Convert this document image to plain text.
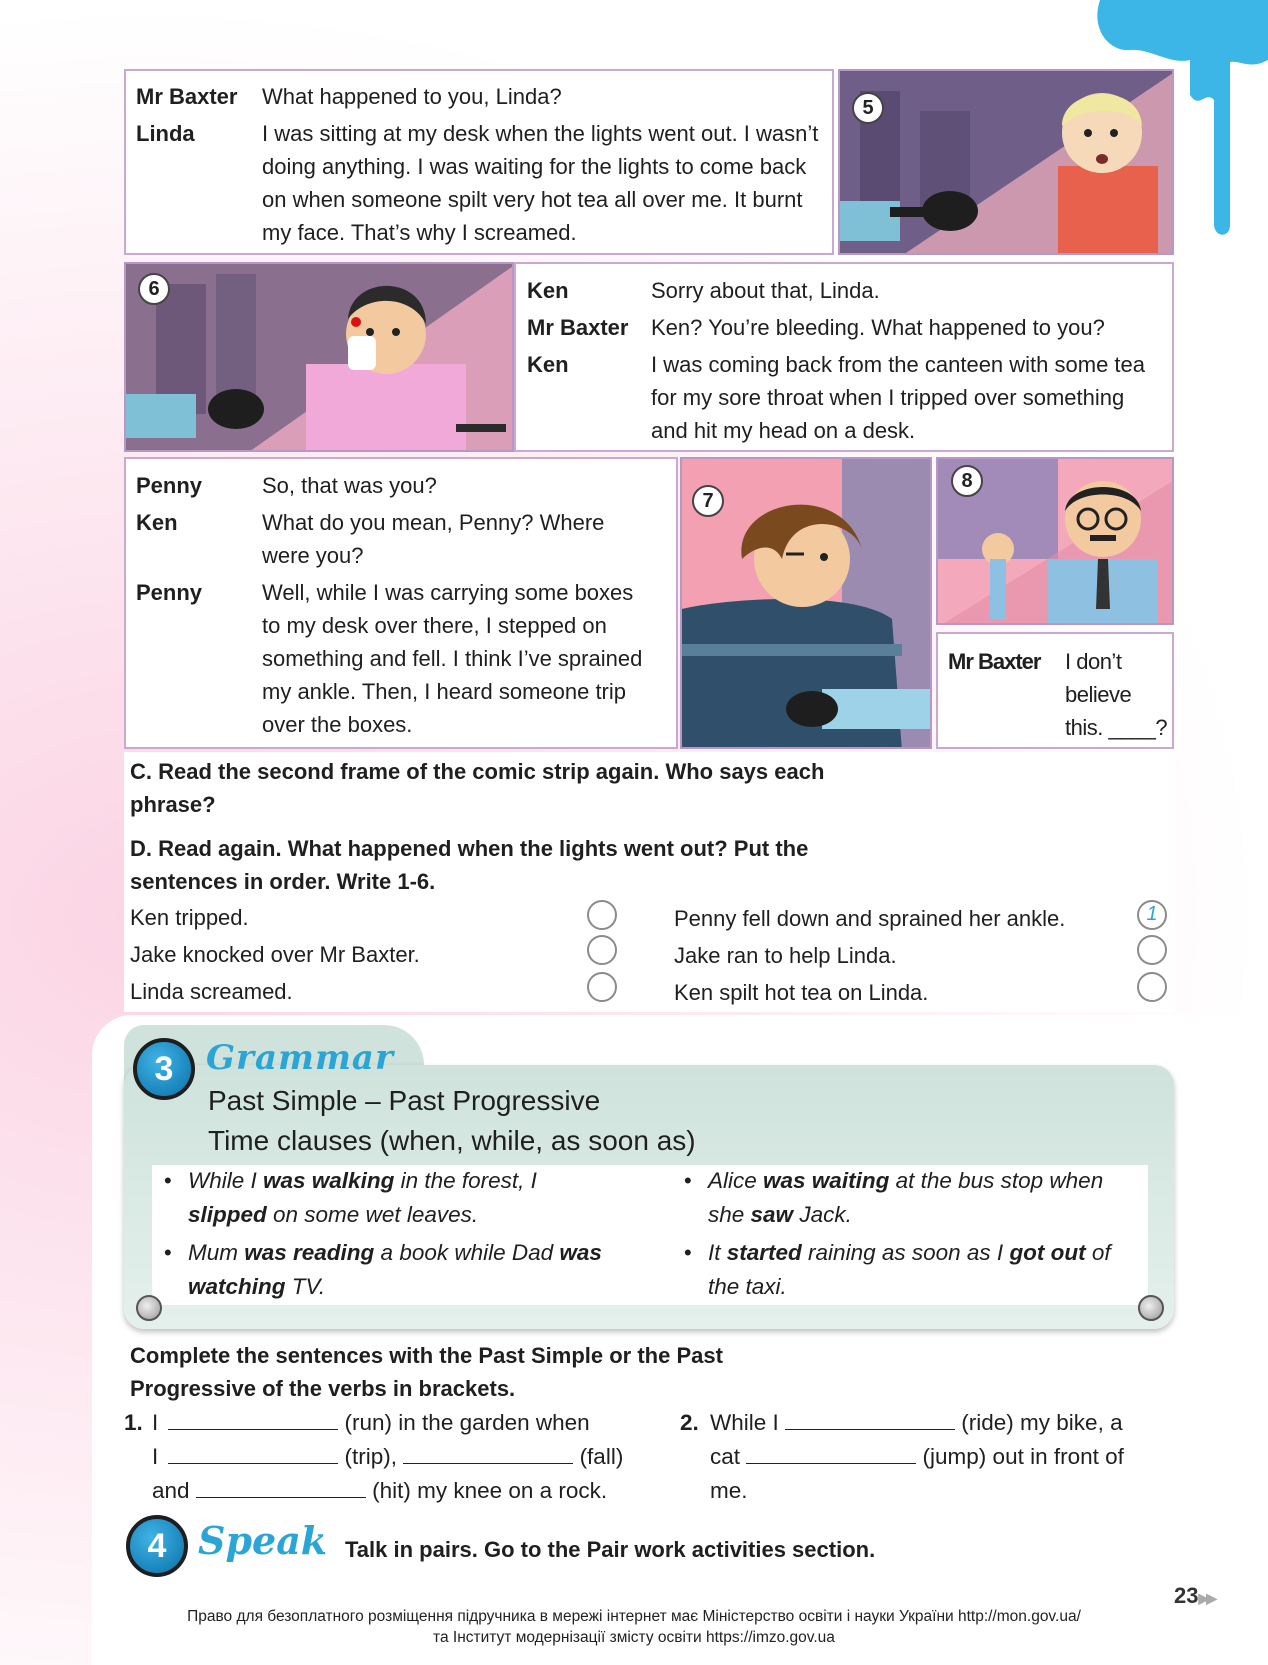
Mr Baxter	What happened to you, Linda?
Linda	I was sitting at my desk when the lights went out. I wasn’t doing anything. I was waiting for the lights to come back on when someone spilt very hot tea all over me. It burnt my face. That’s why I screamed.
5
6	Ken	Sorry about that, Linda.
Mr Baxter	Ken? You’re bleeding. What happened to you?
Ken	I was coming back from the canteen with some tea for my sore throat when I tripped over something and hit my head on a desk.
Penny	So, that was you?
Ken	What do you mean, Penny? Where were you?
Penny	Well, while I was carrying some boxes to my desk over there, I stepped on something and fell. I think I’ve sprained my ankle. Then, I heard someone trip over the boxes.
7
8
Mr Baxter	I don’t believe this. ____?
C. Read the second frame of the comic strip again. Who says each phrase?
D. Read again. What happened when the lights went out? Put the sentences in order. Write 1-6.
Ken tripped.
Jake knocked over Mr Baxter.
Linda screamed.
Penny fell down and sprained her ankle.	1
Jake ran to help Linda.
Ken spilt hot tea on Linda.
3 Grammar
Past Simple – Past Progressive
Time clauses (when, while, as soon as)
• While I was walking in the forest, I
slipped on some wet leaves.
• Mum was reading a book while Dad was
watching TV.
• Alice was waiting at the bus stop when
she saw Jack.
• It started raining as soon as I got out of
the taxi.
Complete the sentences with the Past Simple or the Past Progressive of the verbs in brackets.
1. I	(run) in the garden when
I	(trip),	(fall)
and	(hit) my knee on a rock.
2. While I	(ride) my bike, a
cat	(jump) out in front of
me.
4 Speak Talk in pairs. Go to the Pair work activities section.
23▶▶
Право для безоплатного розміщення підручника в мережі інтернет має Міністерство освіти і науки України http://mon.gov.ua/
та Інститут модернізації змісту освіти https://imzo.gov.ua
